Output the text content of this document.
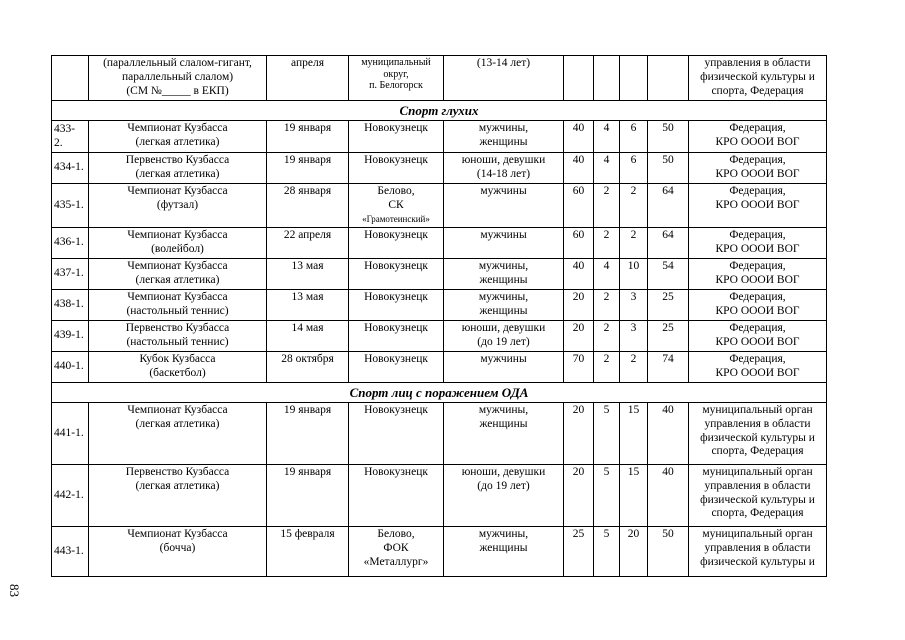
83
	(параллельный слалом-гигант,
параллельный слалом)
(СМ №_____ в ЕКП)	апреля	муниципальный
округ,
п. Белогорск	(13-14 лет)					управления в области
физической культуры и
спорта, Федерация
Спорт глухих									
433-
2.	Чемпионат Кузбасса
(легкая атлетика)	19 января	Новокузнецк	мужчины,
женщины	40	4	6	50	Федерация,
КРО ОООИ ВОГ
434-1.	Первенство Кузбасса
(легкая атлетика)	19 января	Новокузнецк	юноши, девушки
(14-18 лет)	40	4	6	50	Федерация,
КРО ОООИ ВОГ
435-1.	Чемпионат Кузбасса
(футзал)	28 января	Белово,
СК
«Грамотеинский»	мужчины	60	2	2	64	Федерация,
КРО ОООИ ВОГ
436-1.	Чемпионат Кузбасса
(волейбол)	22 апреля	Новокузнецк	мужчины	60	2	2	64	Федерация,
КРО ОООИ ВОГ
437-1.	Чемпионат Кузбасса
(легкая атлетика)	13 мая	Новокузнецк	мужчины,
женщины	40	4	10	54	Федерация,
КРО ОООИ ВОГ
438-1.	Чемпионат Кузбасса
(настольный теннис)	13 мая	Новокузнецк	мужчины,
женщины	20	2	3	25	Федерация,
КРО ОООИ ВОГ
439-1.	Первенство Кузбасса
(настольный теннис)	14 мая	Новокузнецк	юноши, девушки
(до 19 лет)	20	2	3	25	Федерация,
КРО ОООИ ВОГ
440-1.	Кубок Кузбасса
(баскетбол)	28 октября	Новокузнецк	мужчины	70	2	2	74	Федерация,
КРО ОООИ ВОГ
Спорт лиц с поражением ОДА									
441-1.	Чемпионат Кузбасса
(легкая атлетика)	19 января	Новокузнецк	мужчины,
женщины	20	5	15	40	муниципальный орган
управления в области
физической культуры и
спорта, Федерация
442-1.	Первенство Кузбасса
(легкая атлетика)	19 января	Новокузнецк	юноши, девушки
(до 19 лет)	20	5	15	40	муниципальный орган
управления в области
физической культуры и
спорта, Федерация
443-1.	Чемпионат Кузбасса
(бочча)	15 февраля	Белово,
ФОК
«Металлург»	мужчины,
женщины	25	5	20	50	муниципальный орган
управления в области
физической культуры и
